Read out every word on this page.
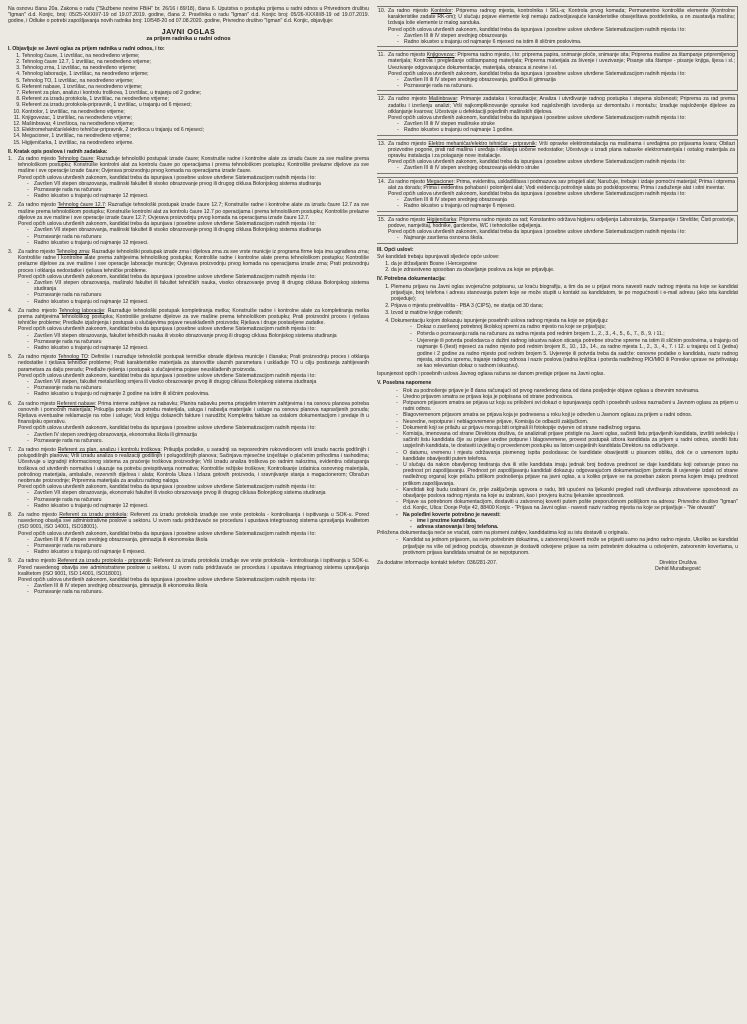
Na osnovu člana 20a. Zakona o radu ("Službene novine FBiH" br. 26/16 i 89/18), člana 6. Uputstva o postupku prijema u radni odnos u Privrednom društvu "Igman" d.d. Konjic, broj: 05/25-XXXII/7-19 od 19.07.2019. godine, člana 2. Pravilnika o radu "Igman" d.d. Konjic broj: 05/26-XXXIII/8-19 od 19.07.2019. godine, i Odluke o potrebi zapošljavanja novih radnika broj: 10/548-20 od 07.08.2020. godine, Privredno društvo "Igman" d.d. Konjic, objavljuje:

JAVNI OGLAS
za prijem radnika u radni odnos
I. Objavljuje se Javni oglas za prijem radnika u radni odnos, i to:
1. Tehnolog čaure, 1 izvršilac, na neodređeno vrijeme;
2. Tehnolog čaure 12.7, 1 izvršilac, na neodređeno vrijeme;
3. Tehnolog zrna, 1 izvršilac, na neodređeno vrijeme;
4. Tehnolog laboracije, 1 izvršilac, na neodređeno vrijeme;
5. Tehnolog TO, 1 izvršilac, na neodređeno vrijeme;
6. Referent nabave, 1 izvršilac, na neodređeno vrijeme;
7. Referent za plan, analizu i kontrolu troškova, 1 izvršilac, u trajanju od 2 godine;
8. Referent za izradu protokola, 1 izvršilac, na neodređeno vrijeme;
9. Referent za izradu protokola-pripravnik, 1 izvršilac, u trajanju od 6 mjeseci;
10. Kontrolor, 1 izvršilac, na neodređeno vrijeme;
11. Knjigovezac, 1 izvršilac, na neodređeno vrijeme;
12. Mašinbravar, 4 izvršioca, na neodređeno vrijeme;
13. Elektromehaničar/elektro tehničar-pripravnik, 2 izvršioca u trajanju od 6 mjeseci;
14. Megacioner, 1 izvršilac, na neodređeno vrijeme;
15. Higijeničarka, 1 izvršilac, na neodređeno vrijeme.
II. Kratak opis poslova i radnih zadataka:
1.	Za radno mjesto Tehnolog čaure: Razrađuje tehnološki postupak izrade čaure; Konstruiše radne i kontrolne alate za izradu čaure za sve mašine prema tehnološkom postupku; Konstruiše kontrolni alat za kontrolu čaure po operacijama i prema tehnološkom postupku; Kontroliše prelazne dijelove za sve mašine i sve operacije izrade čaure; Ovjerava proizvodnju prvog komada na operacijama izrade čaure.
Pored općih uslova utvrđenih zakonom, kandidat treba da ispunjava i posebne uslove utvrđene Sistematizacijom radnih mjesta i to:
- Završen VII stepen obrazovanja, mašinski fakultet ili visoko obrazovanje prvog ili drugog ciklusa Bolonjskog sistema studiranja
- Poznavanje rada na računaru
- Radno iskustvo u trajanju od najmanje 12 mjeseci.
2.	Za radno mjesto Tehnolog čaure 12.7: Razrađuje tehnološki postupak izrade čaure 12.7; Konstruiše radne i kontrolne alate za izradu čaure 12.7 za sve mašine prema tehnološkom postupku; Konstruiše kontrolni alat za kontrolu čaure 12.7 po operacijama i prema tehnološkom postupku; Kontroliše prelazne dijelove za sve mašine i sve operacije izrade čaure 12.7; Ovjerava proizvodnju prvog komada na operacijama izrade čaure 12.7.
Pored općih uslova utvrđenih zakonom, kandidat treba da ispunjava i posebne uslove utvrđene Sistematizacijom radnih mjesta i to:
- Završen VII stepen obrazovanja, mašinski fakultet ili visoko obrazovanje prvog ili drugog ciklusa Bolonjskog sistema studiranja
- Poznavanje rada na računaru
- Radno iskustvo u trajanju od najmanje 12 mjeseci.
3.	Za radno mjesto Tehnolog zrna: Razrađuje tehnološki postupak izrade zrna i dijelova zrna za sve vrste municije iz programa firme koja ima ugrađena zrna; Kontroliše radne i kontrolne alate prema zahtjevima tehnološkog postupka; Kontroliše radne i kontrolne alate prema tehnološkom postupku; Kontroliše prelazne dijelove za sve mašine i sve operacije laboracije municije; Ovjerava proizvodnju prvog komada na operacijama izrade zrna; Prati proizvodnju proces i otklanja nedostatke i rješava tehničke probleme.
Pored općih uslova utvrđenih zakonom, kandidat treba da ispunjava i posebne uslove utvrđene Sistematizacijom radnih mjesta i to:
- Završen VII stepen obrazovanja, mašinski fakultet ili fakultet tehničkih nauka, visoko obrazovanje prvog ili drugog ciklusa Bolonjskog sistema studiranja
- Poznavanje rada na računaru
- Radno iskustvo u trajanju od najmanje 12 mjeseci.
4.	Za radno mjesto Tehnolog laboracije: Razrađuje tehnološki postupak kompletiranja metka; Konstruiše radne i kontrolne alate za kompletiranja metka prema zahtjevima tehnološkog postupka; Kontroliše prelazne dijelove za sve mašine prema tehnološkom postupku; Prati proizvodni proces i rješava tehničke probleme; Predlaže izjašnjenja i postupak u slučajevima pojave neusklađenih proizvoda; Rješava i druge postavljene zadatke.
Pored općih uslova utvrđenih zakonom, kandidat treba da ispunjava i posebne uslove utvrđene Sistematizacijom radnih mjesta i to:
- Završen VII stepen obrazovanja, fakultet tehničkih nauka ili visoko obrazovanje prvog ili drugog ciklusa Bolonjskog sistema studiranja
- Poznavanje rada na računaru
- Radno iskustvo u trajanju od najmanje 12 mjeseci.
5.	Za radno mjesto Tehnolog TO: Definiše i razrađuje tehnološki postupak termičke obrade dijelova municije i članaka; Prati proizvodnju proces i otklanja nedostatke i rješava tehničke probleme; Prati karakteristike materijala za stanovište ulaznih parametara i usklađuje TO u cilju postizanja zahtijevanih parametara za dalju preradu; Predlaže rješenja i postupak u slučajevima pojave neusklađenih proizvoda.
Pored općih uslova utvrđenih zakonom, kandidat treba da ispunjava i posebne uslove utvrđene Sistematizacijom radnih mjesta i to:
- Završen VII stepen, fakultet metalurškog smjera ili visoko obrazovanje prvog ili drugog ciklusa Bolonjskog sistema studiranja
- Poznavanje rada na računaru
- Radno iskustvo u trajanju od najmanje 2 godine na istim ili sličnim poslovima.
6.	Za radno mjesto Referent nabave: Prima interne zahtjeve za nabavku; Planira nabavku prema prispjelim internim zahtjevima i na osnovu planova potreba osnovnih i pomoćnih materijala; Prikuplja ponude za potrebu materijala, usluga i nabavlja materijale i usluge na osnovu planova napravljenih ponuda; Rješava eventualne reklamacije na robe i usluge; Vodi knjigu dolazećih fakture i narudžbi; Kompletira fakture sa ostalom dokumentacijom i predaje ih u finansijsku operativu.
Pored općih uslova utvrđenih zakonom, kandidat treba da ispunjava i posebne uslove utvrđene Sistematizacijom radnih mjesta i to:
- Završen IV stepen srednjeg obrazovanja, ekonomska škola ili gimnazija
- Poznavanje rada na računaru.
7.	Za radno mjesto Referent za plan, analizu i kontrolu troškova: Prikuplja podatke, u saradnji sa neposrednim rukovodiocem vrši izradu nacrta godišnjih i polugodišnjih planova; Vrši izradu analiza o realizaciji godišnjih i polugodišnjih planova; Sačinjava mjesečne izvještaje o plaćenim prihodima i rashodima; Učestvuje u izgradnji informacionog sistema za praćenje troškova proizvodnje; Vrši izradu analiza troškova po radnim nalozima, evidentira odstupanja troškova od utvrđenih normativa i ukazuje na potrebu preispitivanja normativa; Kontroliše režijske troškove; Kontrolisanje izdatnica osnovnog materijala, potrošnog materijala, ambalaže, rezervnih dijelova i alata; Kontrola Ulaza i Izlaza gotovih proizvoda, i sravnjivanje stanja s magacionerom; Obračun neobrnute proizvodnje; Pripremna materijala za analizu radnog naloga.
Pored općih uslova utvrđenih zakonom, kandidat treba da ispunjava i posebne uslove utvrđene Sistematizacijom radnih mjesta i to:
- Završen VII stepen obrazovanja, ekonomski fakultet ili visoko obrazovanje prvog ili drugog ciklusa Bolonjskog sistema studiranja
- Poznavanje rada na računaru
- Radno iskustvo u trajanju od najmanje 12 mjeseci.
8.	Za radno mjesto Referent za izradu protokola: Referent za izradu protokola izrađuje sve vrste protokola - kontrolisanja i ispitivanja u SOK-u. Pored navedenog obavlja sve administrativne poslove u sektoru. U svom radu pridržavaće se procedura i upustava integrisanog sistema upravljanja kvalitetom (ISO 9001, ISO 14001, ISO18001).
Pored općih uslova utvrđenih zakonom, kandidat treba da ispunjava i posebne uslove utvrđene Sistematizacijom radnih mjesta i to:
- Završen III ili IV stepen srednjeg obrazovanja, gimnazija ili ekonomska škola
- Poznavanje rada na računaru
- Radno iskustvo u trajanju od najmanje 6 mjeseci.
9.	Za radno mjesto Referent za izradu protokola - pripravnik: Referent za izradu protokola izrađuje sve vrste protokola - kontrolisanja i ispitivanja u SOK-u. Pored navedenog obavlja sve administrativne poslove u sektoru. U svom radu pridržavaće se procedura i upustava integrisanog sistema upravljanja kvalitetom (ISO 9001, ISO 14001, ISO18001).
Pored općih uslova utvrđenih zakonom, kandidat treba da ispunjava i posebne uslove utvrđene Sistematizacijom radnih mjesta i to:
- Završen III ili IV stepen srednjeg obrazovanja, gimnazija ili ekonomska škola
- Poznavanje rada na računaru.
10. Za radno mjesto Kontrolor: Priprema radnog mjesta, kontrolnika i SKL-a; Kontrola prvog komada; Permanentno kontroliše elemente (Kontrolne karakteristike zadate RK-om); U slučaju pojave elemente koji nemaju zadovoljavajuće karakteristike obavještava postdešnika, a on zaustavlja mašinu; Izdvaja loše elemente iz malog sanduka.
Pored općih uslova utvrđenih zakonom, kandidat treba da ispunjava i posebne uslove utvrđene Sistematizacijom radnih mjesta i to:
- Završen III ili IV stepen srednjeg obrazovanja
- Radno iskustvo u trajanju od najmanje 6 mjeseci na istim ili sličnim poslovima.
11. Za radno mjesto Knjigovezac: Priprema radno mjesto, i to: priprema papira, snimanje ploče, snimanje sita; Priprema mašine za štampanje pripremljenog materijala; Kontrola i pregledanje odštampanog materijala; Priprema materijala za šivenje i uvezivanje; Pisanje sita štampe - pisanje knjiga, lijesa i sl.; Uvezivanje odgovarajuće dokumentacije, materijala, obrasca si.novine i sl.
Pored općih uslova utvrđenih zakonom, kandidat treba da ispunjava i posebne uslove utvrđene Sistematizacijom radnih mjesta i to:
- Završen III ili IV stepen srednjeg obrazovanja, grafička ili gimnazija
- Poznavanje rada na računaru.
12. Za radno mjesto Mašinbravar: Primanje zadataka i konsultacije; Analiza i utvrđivanje radnog postupka i stepena složenosti; Priprema za rad prema zadatku i izvršenju analizi; Vrši najkompliknovanije opravke kod najsloženijih izvođenja uz demontažu i montažu; Izrađuje najsloženije dijelove za otklanjanje kvarova; Učestvuje u defektaciji pojedinih mašinskih dijelova.
Pored općih uslova utvrđenih zakonom, kandidat treba da ispunjava i posebne uslove utvrđene Sistematizacijom radnih mjesta i to:
- Završen III ili IV stepen mašinske struke
- Radno iskustvo u trajanju od najmanje 1 godine.
13. Za radno mjesto Elektro mehaničar/elektro tehničar - pripravnik: Vrši opravke elektroinstalacija na mašinama i uređajima po prijavama kvara; Obilazi proizvodne pogone, prati rad mašina i uređaja i otklanja uočene nedostatke; Učestvuje u izradi plana nabavke elektromaterijala i ostalog materijala za opravku instalacija i za polaganje nove instalacije.
Pored općih uslova utvrđenih zakonom, kandidat treba da ispunjava i posebne uslove utvrđene Sistematizacijom radnih mjesta i to:
- Završen III ili IV stepen srednjeg obrazovanja elektro struke
14. Za radno mjesto Megacioner: Prima, evidentira, usklađištava i podmazuva sav prispjeli alat; Naručuje, trebuje i izdaje pomoćni materijal; Prima i otprema alat za doradu; Prima i evidentira pohabani i polomljeni alat; Vodi evidenciju potrošnje alata po podsklopovima; Prima i zaduženje alat i sitni inventar.
Pored općih uslova utvrđenih zakonom, kandidat treba da ispunjava i posebne uslove utvrđene Sistematizacijom radnih mjesta i to:
- Završen III ili IV stepen srednjeg obrazovanja
- Radno iskustvo u trajanju od najmanje 6 mjeseci.
15. Za radno mjesto Higijeničarka: Priprema radno mjesto za rad; Konstantno održava higijenu odjeljenja Laboratorija, Stampanije i Strelište; Čisti prostorije, podove, namještaj, hodnike, garderobe, WC i tehnološke odjeljenja.
Pored općih uslova utvrđenih zakonom, kandidat treba da ispunjava i posebne uslove utvrđene Sistematizacijom radnih mjesta i to:
- Najmanje završena osnovna škola.
III. Opći uslovi:

Svi kandidati trebaju ispunjavati sljedeće opće uslove:

1. da je državljanin Bosne i Hercegovine
2. da je zdravstveno sposoban za obavljanje poslova za koje se prijavljuje.
IV. Potrebna dokumentacija:
1. Plemenu prijavu na Javni oglas svojeručno potpisanu, uz kraću biografiju, a tim da se u prijavi mora navesti naziv radnog mjesta na koje se kandidat prijavljuje, broj telefona i adresu stanovanja putem koje se može stupiti u kontakt sa kandidatom, te po mogućnosti i e-mail adresu (ako ista kandidat posjeduje);
2. Prijava o mjestu prebivališta - PBA 3 (CIPS), ne starija od 30 dana;
3. Izvod iz matične knjige rođenih;
4. Dokumentaciju kojom dokazuju ispunjenje posebnih uslova radnog mjesta na koje se prijavljuju:
- Dokaz o završenoj potrebnoj školskoj spremi za radno mjesto na koje se prijavljuju;
- Potvrda o poznavanju rada na računaru za radna mjesta pod rednim brojem 1., 2., 3., 4., 5., 6., 7., 8., 9. i 11.;
- Uvjerenje ili potvrda poslodavca o dužini radnog iskustva nakon sticanja potrebne stručne spreme na istim ili sličnim poslovima, u trajanju od najmanje 6 (šest) mjeseci za radno mjesto pod rednim brojem 8., 10., 13., 14., za radno mjesta 1., 2., 3., 4., 7. i 12. u trajanju od 1 (jedna) godine i 2 godine za radno mjesto pod rednim brojem 5. Uvjerenje ili potvrda treba da sadrže: osnovne podatke o kandidatu, naziv radnog mjesta, stručnu spremu, trajanje radnog odnosa i naziv poslova (radna knjižica i potvrda nadležnog PIO/MIO ili Poreske uprave ne prihvataju se kao relevantan dokaz o radnom iskustvu).

Ispunjenost općih i posebnih uslova Javnog oglasa računa se danom predaje prijave na Javni oglas.

V. Posebna napomene
- Rok za podnošenje prijave je 8 dana računajući od prvog naredenog dana od dana posljednje objave oglasa u dnevnim novinama.
- Uredno prijavom smatra se prijava koja je potpisana od strane podnosioca.
- Potpunom prijavom smatra se prijava uz koju su priloženi svi dokazi o ispunjavanju općih i posebnih uslova naznačeni u Javnom oglasu za prijem u radni odnos.
- Blagovremenom prijavom smatra se prijava koja je podnesena u roku koji je određen u Javnom oglasu za prijem u radni odnos.
- Neuredne, nepotpune i neblagovremene prijave, Komisija će odbaciti zaključkom.
- Dokumenti koji se prilažu uz prijavu moraju biti originali ili fotokopije ovjeren od strane nadležnog organa.
- Komisija, imenovana od strane Direktora društva, će analizirati prijave pristigle na Javni oglas, sačiniti listu prijavljenih kandidata, izvršiti selekciju i sačiniti listu kandidata čije su prijave uredne potpune i blagovremene, provest postupak izbora kandidata za prijem u radni odnos, utvrditi listu uspješnih kandidata, te dostaviti izvještaj o provedenom postupku sa listom uspješnih kandidata Direktoru na odlučivanje.
- O datumu, vremenu i mjestu održavanja pismenog ispita poslodavac će kandidate obavijestiti u pisanom obliku, dok će o usmenom ispitu kandidate obavijestiti putem telefona.
- U slučaju da nakon obavljenog testiranja dva ili više kandidata imaju jednak broj bodova prednost se daje kandidatu koji ostvaruje pravo na prednost pri zapošljavanju. Prednost pri zapošljavanju kandidati dokazuju odgovarajućom dokumentacijom (potvrda ili uvjerenje izdati od strane nadležnog organa) koje prilažu prilikom podnošenja prijave na javni oglas, a u koliko prijave se na poseban zakon prema kojem imaju prednost prilikom zapošljavanja.
- Kandidati koji budu izabrani će, prije zaključenja ugovora o radu, biti upućeni na ljekarski pregled radi utvrđivanja zdravstvene sposobnosti za obavljanje poslova radnog mjesta na koje su izabrani, kao i provjeru kućnu ljekarske sposobnosti.
- Prijave sa potrebnom dokumentacijom, dostaviti u zatvorenoj koverti putem pošte preporučenom pošiljkom na adresu: Privredno društvo "Igman" d.d. Konjic, Ulica: Donje Polje 42, 88400 Konjic - "Prijava na Javni oglas - navesti naziv radnog mjesta na koje se prijavljuje - "Ne otvarati"
- Na poleđini koverte potrebno je navesti:
- ime i prezime kandidata,
- adresa stanovanja i broj telefona.

Priložena dokumentacija neće se vraćati, osim na pismeni zahtjev, kandidatima koji su istu dostavili u originalu.

- Kandidat sa jednom prijavom, sa svim potrebnim dokazima, u zatvorenoj koverti može se prijaviti samo na jedno radno mjesto. Ukoliko se kandidat prijavljuje na više od jednog pozicija, obavezan je dostaviti odvojene prijave sa svim potrebnim dokazima u odvojenim, zatvorenim kovertama, u protivnom prijava kandidata smatrat će se nepotpunom.
Za dodatne informacije kontakt telefon: 036/281-207.	Direktor Društva
Dehid Muratbegović
